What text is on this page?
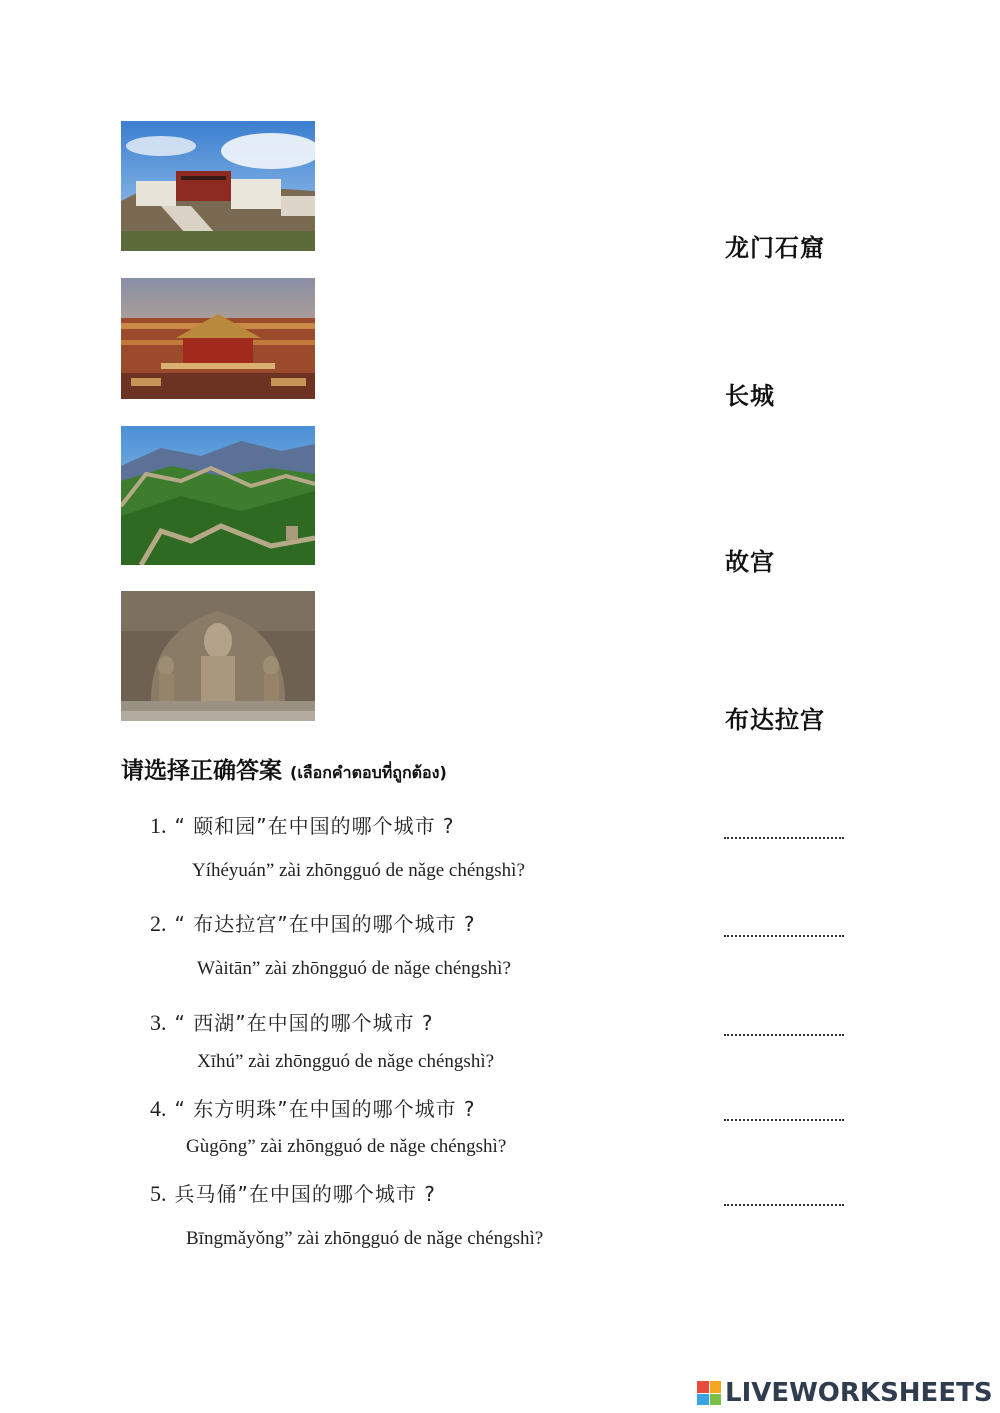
龙门石窟
长城
故宫
布达拉宫
请选择正确答案 (เลือกคำตอบที่ถูกต้อง)
1. “ 颐和园”在中国的哪个城市 ?
Yíhéyuán” zài zhōngguó de nǎge chéngshì?
2. “ 布达拉宫”在中国的哪个城市 ?
Wàitān” zài zhōngguó de nǎge chéngshì?
3. “ 西湖”在中国的哪个城市 ?
Xīhú” zài zhōngguó de nǎge chéngshì?
4. “ 东方明珠”在中国的哪个城市 ?
Gùgōng” zài zhōngguó de nǎge chéngshì?
5. 兵马俑”在中国的哪个城市 ?
Bīngmǎyǒng” zài zhōngguó de nǎge chéngshì?
LIVEWORKSHEETS
